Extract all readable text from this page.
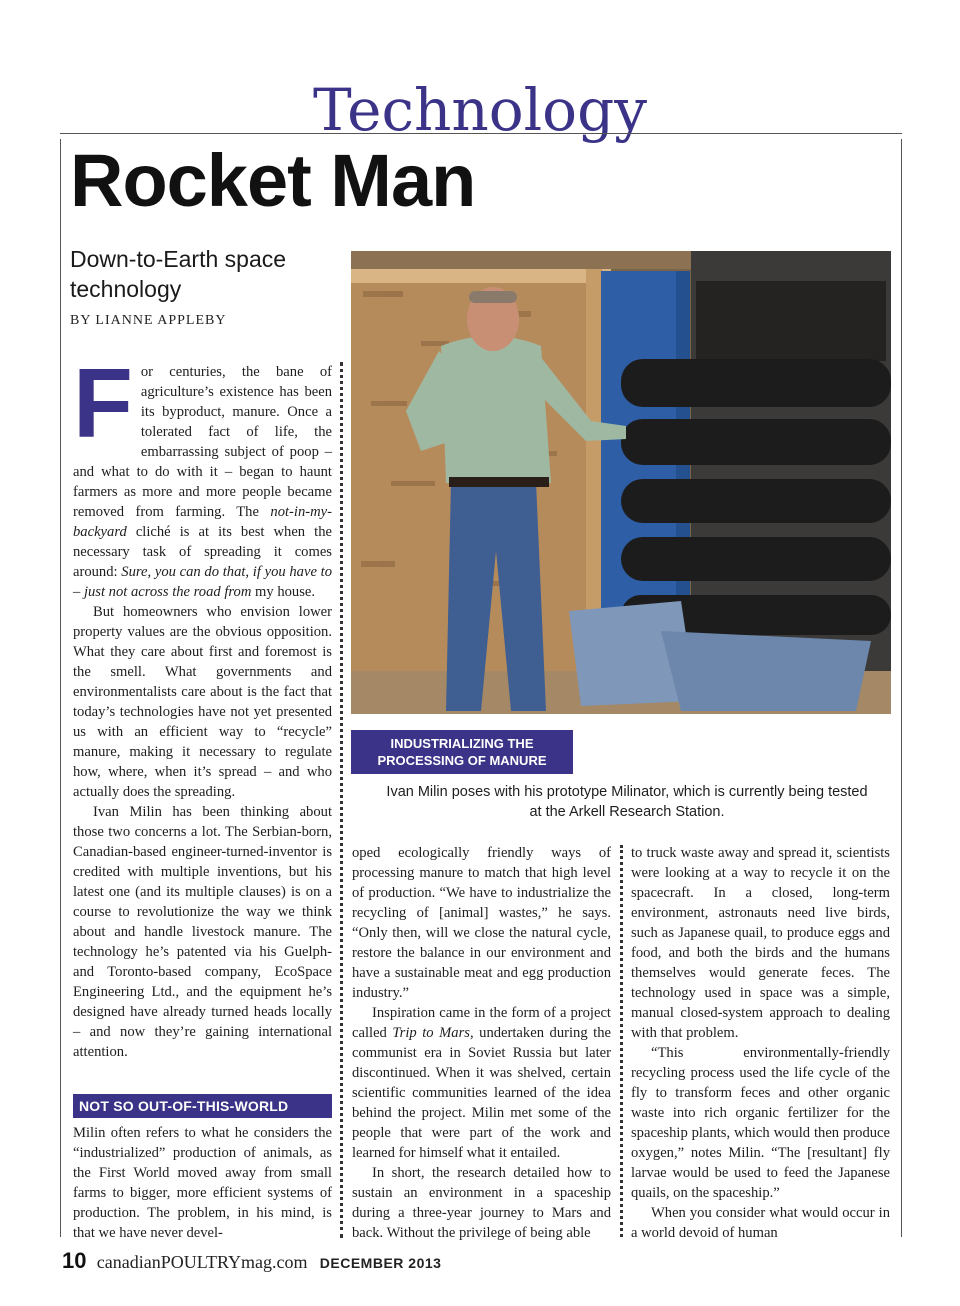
Technology
Rocket Man
Down-to-Earth space technology
BY LIANNE APPLEBY

For centuries, the bane of agriculture’s existence has been its byproduct, manure. Once a tolerated fact of life, the embarrassing subject of poop – and what to do with it – began to haunt farmers as more and more people became removed from farming. The not-in-my-backyard cliché is at its best when the necessary task of spreading it comes around: Sure, you can do that, if you have to – just not across the road from my house.

But homeowners who envision lower property values are the obvious opposition. What they care about first and foremost is the smell. What governments and environmentalists care about is the fact that today’s technologies have not yet presented us with an efficient way to “recycle” manure, making it necessary to regulate how, where, when it’s spread – and who actually does the spreading.

Ivan Milin has been thinking about those two concerns a lot. The Serbian-born, Canadian-based engineer-turned-inventor is credited with multiple inventions, but his latest one (and its multiple clauses) is on a course to revolutionize the way we think about and handle livestock manure. The technology he’s patented via his Guelph- and Toronto-based company, EcoSpace Engineering Ltd., and the equipment he’s designed have already turned heads locally – and now they’re gaining international attention.

NOT SO OUT-OF-THIS-WORLD

Milin often refers to what he considers the “industrialized” production of animals, as the First World moved away from small farms to bigger, more efficient systems of production. The problem, in his mind, is that we have never devel-

INDUSTRIALIZING THE PROCESSING OF MANURE
Ivan Milin poses with his prototype Milinator, which is currently being tested at the Arkell Research Station.

oped ecologically friendly ways of processing manure to match that high level of production. “We have to industrialize the recycling of [animal] wastes,” he says. “Only then, will we close the natural cycle, restore the balance in our environment and have a sustainable meat and egg production industry.”

Inspiration came in the form of a project called Trip to Mars, undertaken during the communist era in Soviet Russia but later discontinued. When it was shelved, certain scientific communities learned of the idea behind the project. Milin met some of the people that were part of the work and learned for himself what it entailed.

In short, the research detailed how to sustain an environment in a spaceship during a three-year journey to Mars and back. Without the privilege of being able

to truck waste away and spread it, scientists were looking at a way to recycle it on the spacecraft. In a closed, long-term environment, astronauts need live birds, such as Japanese quail, to produce eggs and food, and both the birds and the humans themselves would generate feces. The technology used in space was a simple, manual closed-system approach to dealing with that problem.

“This environmentally-friendly recycling process used the life cycle of the fly to transform feces and other organic waste into rich organic fertilizer for the spaceship plants, which would then produce oxygen,” notes Milin. “The [resultant] fly larvae would be used to feed the Japanese quails, on the spaceship.”

When you consider what would occur in a world devoid of human

10 canadianPOULTRYmag.com DECEMBER 2013
